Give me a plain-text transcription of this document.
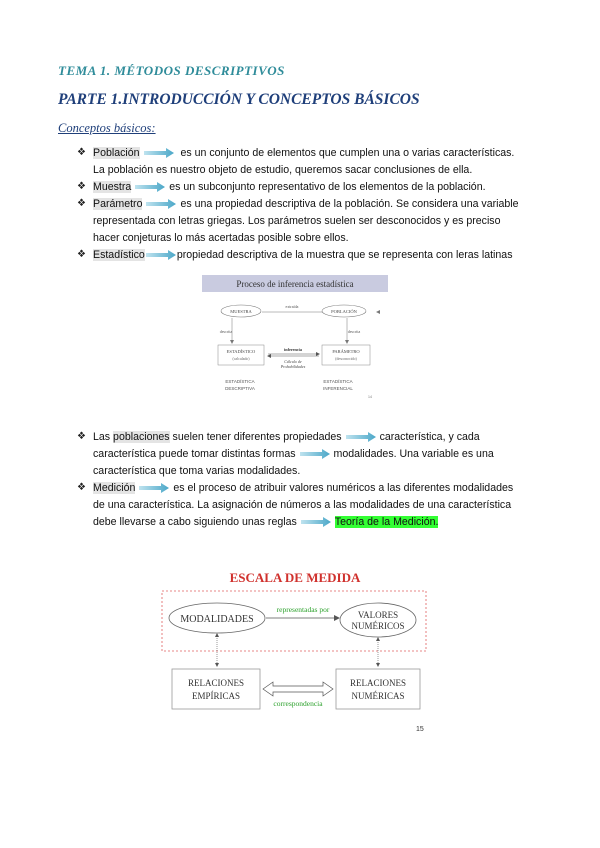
TEMA 1. MÉTODOS DESCRIPTIVOS
PARTE 1.INTRODUCCIÓN Y CONCEPTOS BÁSICOS
Conceptos básicos:
❖ Población	es un conjunto de elementos que cumplen una o varias características.
La población es nuestro objeto de estudio, queremos sacar conclusiones de ella.
❖ Muestra	es un subconjunto representativo de los elementos de la población.
❖ Parámetro	es una propiedad descriptiva de la población. Se considera una variable
representada con letras griegas. Los parámetros suelen ser desconocidos y es preciso
hacer conjeturas lo más acertadas posible sobre ellos.
❖ Estadístico	propiedad descriptiva de la muestra que se representa con leras latinas
Proceso de inferencia estadística
MUESTRA	POBLACIÓN
extraída
descrita	descrita
ESTADÍSTICO
(calculado)
PARÁMETRO
(desconocido)
inferencia
Cálculo de
Probabilidades
ESTADÍSTICA
DESCRIPTIVA
ESTADÍSTICA
INFERENCIAL
14
❖ Las poblaciones suelen tener diferentes propiedades	característica, y cada
característica puede tomar distintas formas	modalidades. Una variable es una
característica que toma varias modalidades.
❖ Medición	es el proceso de atribuir valores numéricos a las diferentes modalidades
de una característica. La asignación de números a las modalidades de una característica
debe llevarse a cabo siguiendo unas reglas	Teoría de la Medición.
ESCALA DE MEDIDA
MODALIDADES	VALORES
NUMÉRICOS
representadas por
RELACIONES
EMPÍRICAS
RELACIONES
NUMÉRICAS
correspondencia
15
